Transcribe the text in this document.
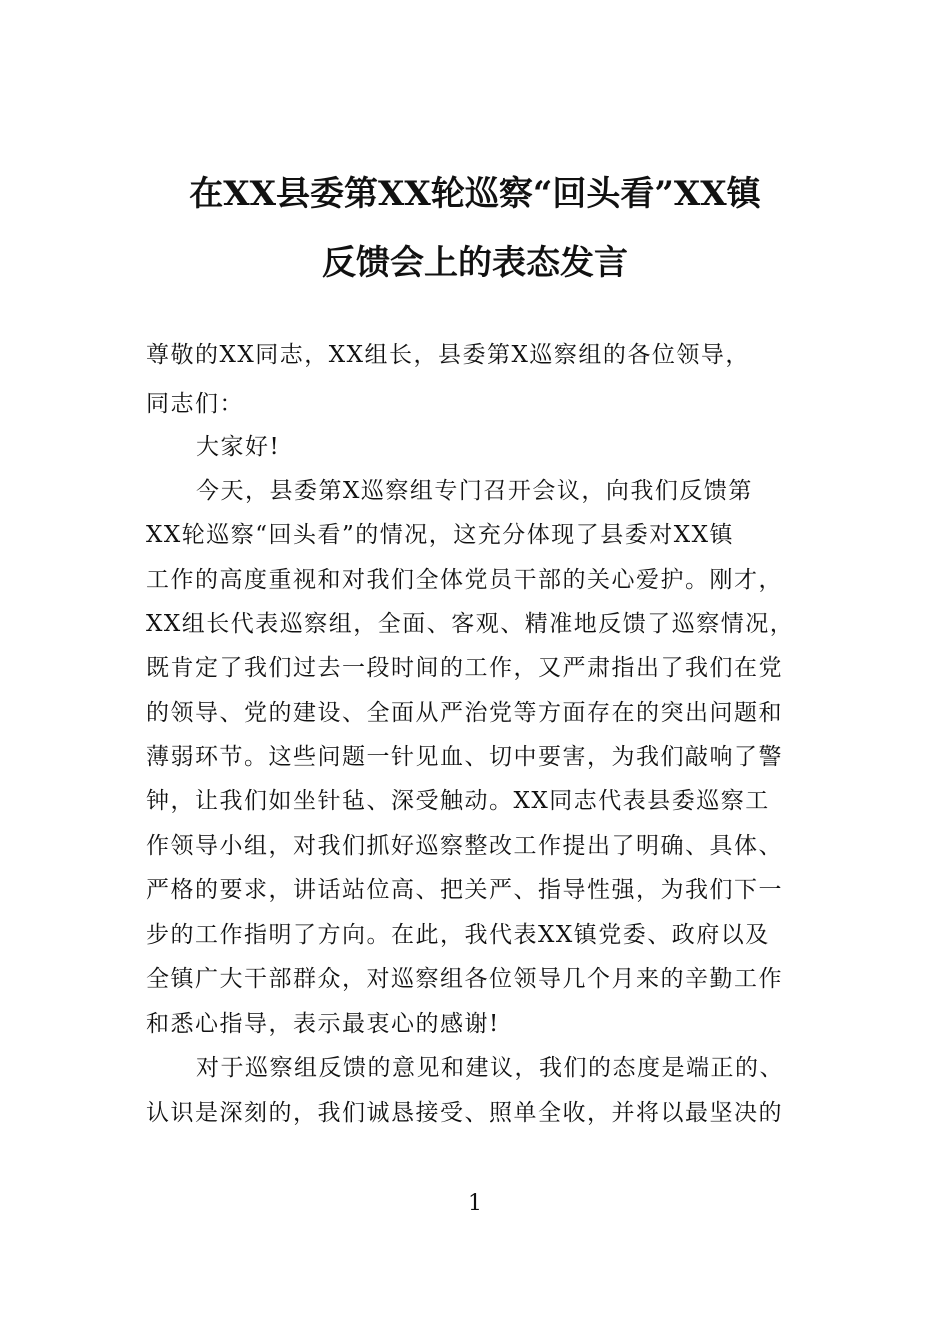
在XX县委第XX轮巡察“回头看”XX镇
反馈会上的表态发言

尊敬的XX同志，XX组长，县委第X巡察组的各位领导，

同志们：

大家好!

今天，县委第X巡察组专门召开会议，向我们反馈第

XX轮巡察“回头看”的情况，这充分体现了县委对XX镇

工作的高度重视和对我们全体党员干部的关心爱护。刚才，

XX组长代表巡察组，全面、客观、精准地反馈了巡察情况，

既肯定了我们过去一段时间的工作，又严肃指出了我们在党

的领导、党的建设、全面从严治党等方面存在的突出问题和

薄弱环节。这些问题一针见血、切中要害，为我们敲响了警

钟，让我们如坐针毡、深受触动。XX同志代表县委巡察工

作领导小组，对我们抓好巡察整改工作提出了明确、具体、

严格的要求，讲话站位高、把关严、指导性强，为我们下一

步的工作指明了方向。在此，我代表XX镇党委、政府以及

全镇广大干部群众，对巡察组各位领导几个月来的辛勤工作

和悉心指导，表示最衷心的感谢!

对于巡察组反馈的意见和建议，我们的态度是端正的、

认识是深刻的，我们诚恳接受、照单全收，并将以最坚决的

1
